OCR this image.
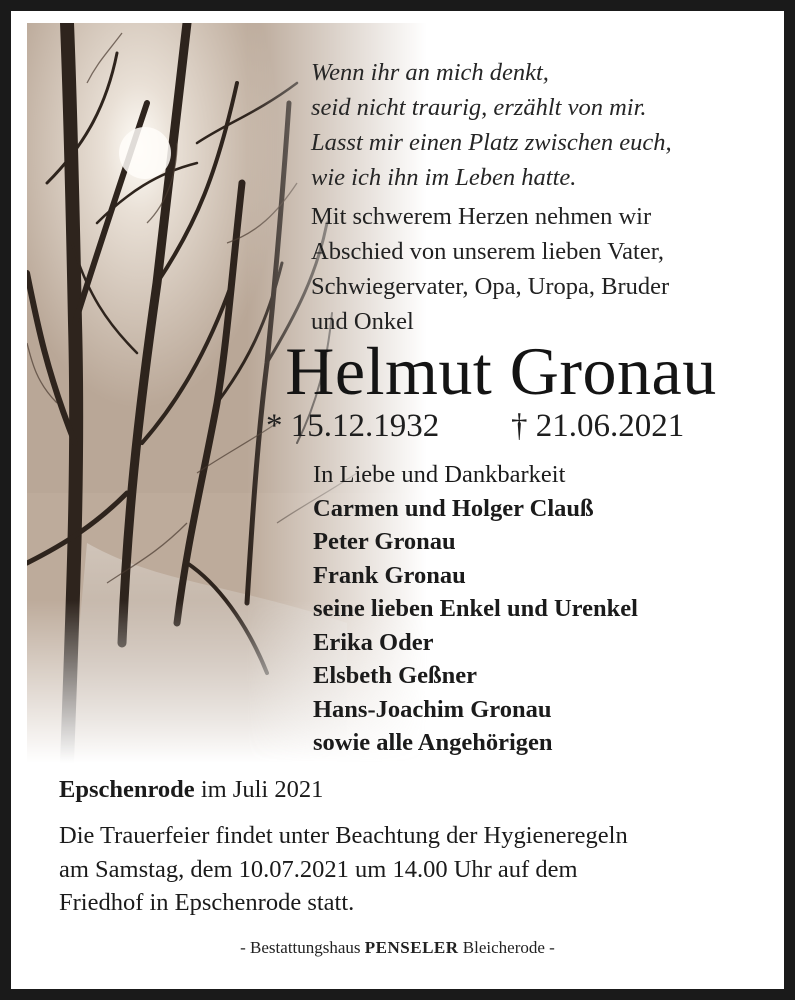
Wenn ihr an mich denkt,
seid nicht traurig, erzählt von mir.
Lasst mir einen Platz zwischen euch,
wie ich ihn im Leben hatte.
Mit schwerem Herzen nehmen wir
Abschied von unserem lieben Vater,
Schwiegervater, Opa, Uropa, Bruder
und Onkel
Helmut Gronau
* 15.12.1932 † 21.06.2021
In Liebe und Dankbarkeit
Carmen und Holger Clauß
Peter Gronau
Frank Gronau
seine lieben Enkel und Urenkel
Erika Oder
Elsbeth Geßner
Hans-Joachim Gronau
sowie alle Angehörigen
Epschenrode im Juli 2021
Die Trauerfeier findet unter Beachtung der Hygieneregeln
am Samstag, dem 10.07.2021 um 14.00 Uhr auf dem
Friedhof in Epschenrode statt.
- Bestattungshaus PENSELER Bleicherode -
